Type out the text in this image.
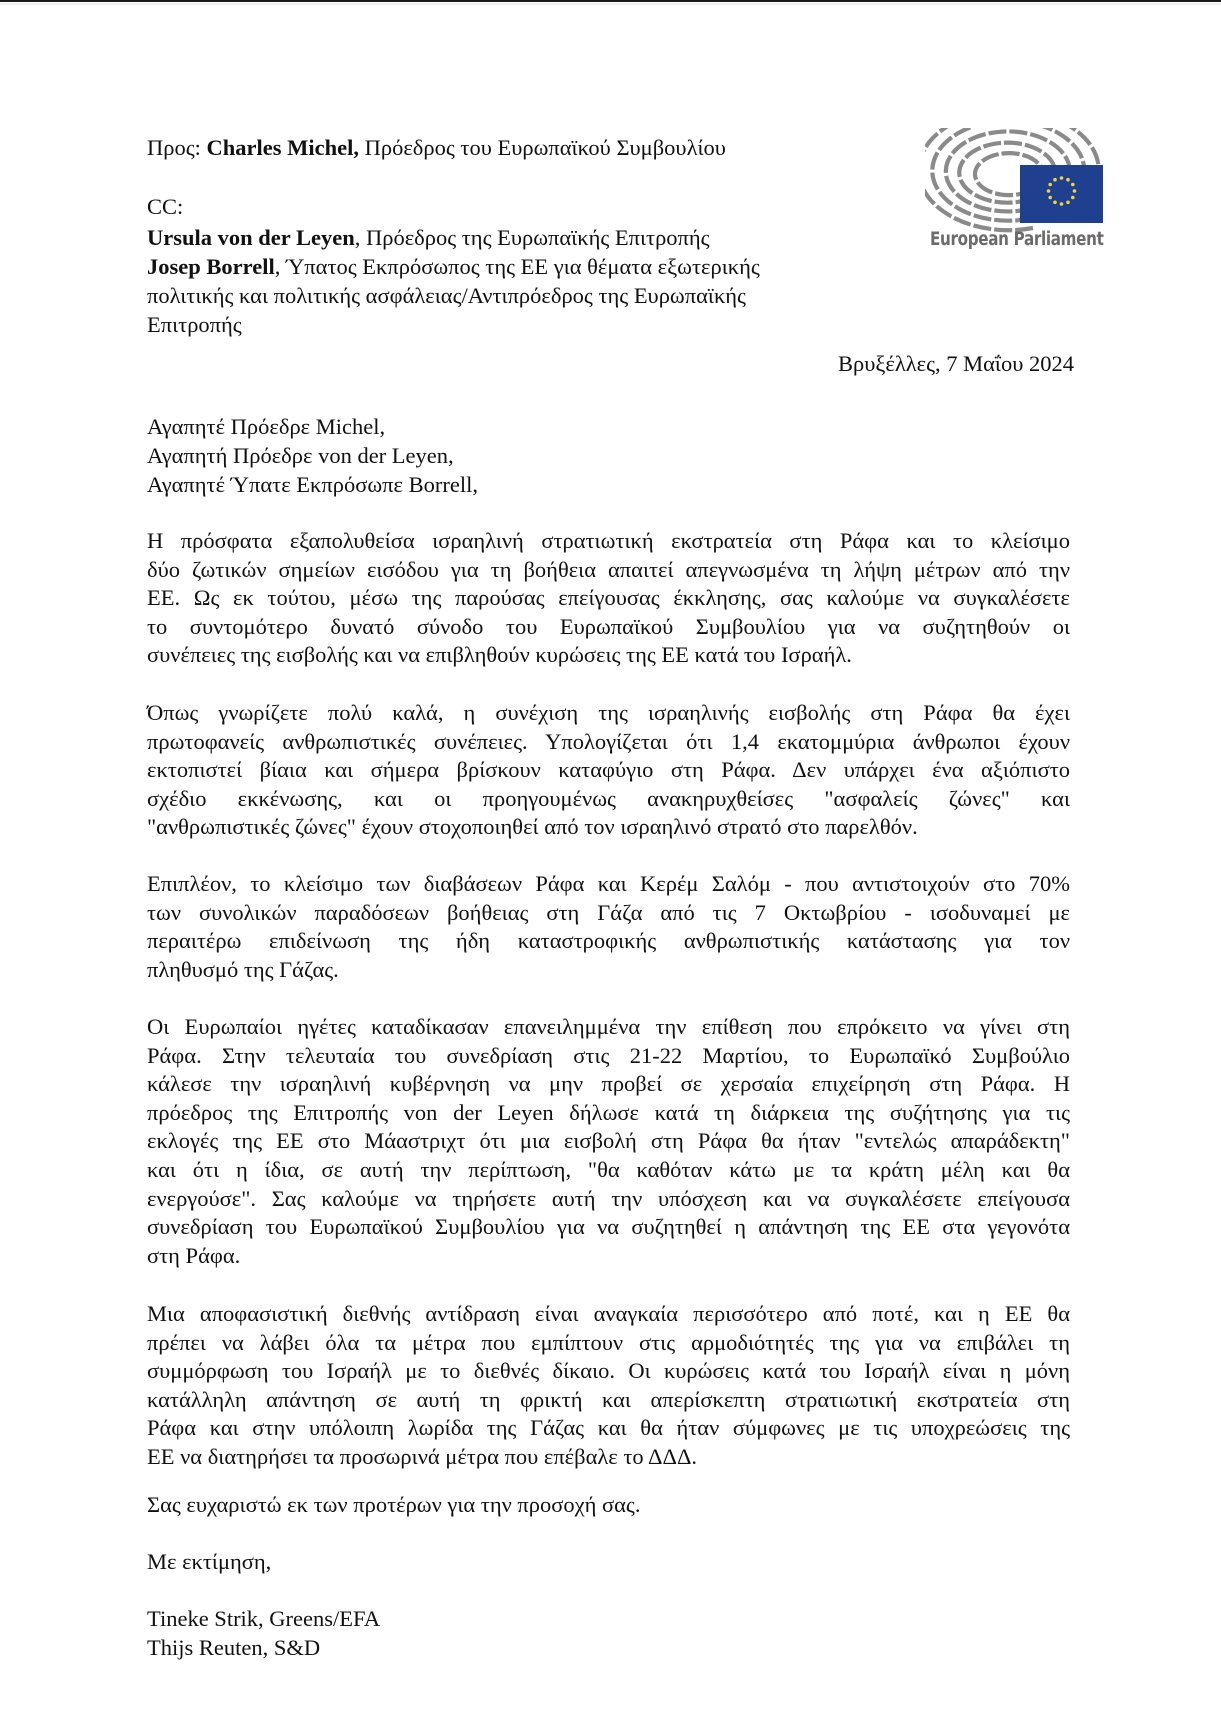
Προς: Charles Michel, Πρόεδρος του Ευρωπαϊκού Συμβουλίου
CC:
Ursula von der Leyen, Πρόεδρος της Ευρωπαϊκής Επιτροπής
Josep Borrell, Ύπατος Εκπρόσωπος της ΕΕ για θέματα εξωτερικής
πολιτικής και πολιτικής ασφάλειας/Αντιπρόεδρος της Ευρωπαϊκής
Επιτροπής
European Parliament
Βρυξέλλες, 7 Μαΐου 2024
Αγαπητέ Πρόεδρε Michel,
Αγαπητή Πρόεδρε von der Leyen,
Αγαπητέ Ύπατε Εκπρόσωπε Borrell,
Η πρόσφατα εξαπολυθείσα ισραηλινή στρατιωτική εκστρατεία στη Ράφα και το κλείσιμο
δύο ζωτικών σημείων εισόδου για τη βοήθεια απαιτεί απεγνωσμένα τη λήψη μέτρων από την
ΕΕ. Ως εκ τούτου, μέσω της παρούσας επείγουσας έκκλησης, σας καλούμε να συγκαλέσετε
το συντομότερο δυνατό σύνοδο του Ευρωπαϊκού Συμβουλίου για να συζητηθούν οι
συνέπειες της εισβολής και να επιβληθούν κυρώσεις της ΕΕ κατά του Ισραήλ.
Όπως γνωρίζετε πολύ καλά, η συνέχιση της ισραηλινής εισβολής στη Ράφα θα έχει
πρωτοφανείς ανθρωπιστικές συνέπειες. Υπολογίζεται ότι 1,4 εκατομμύρια άνθρωποι έχουν
εκτοπιστεί βίαια και σήμερα βρίσκουν καταφύγιο στη Ράφα. Δεν υπάρχει ένα αξιόπιστο
σχέδιο εκκένωσης, και οι προηγουμένως ανακηρυχθείσες "ασφαλείς ζώνες" και
"ανθρωπιστικές ζώνες" έχουν στοχοποιηθεί από τον ισραηλινό στρατό στο παρελθόν.
Επιπλέον, το κλείσιμο των διαβάσεων Ράφα και Κερέμ Σαλόμ - που αντιστοιχούν στο 70%
των συνολικών παραδόσεων βοήθειας στη Γάζα από τις 7 Οκτωβρίου - ισοδυναμεί με
περαιτέρω επιδείνωση της ήδη καταστροφικής ανθρωπιστικής κατάστασης για τον
πληθυσμό της Γάζας.
Οι Ευρωπαίοι ηγέτες καταδίκασαν επανειλημμένα την επίθεση που επρόκειτο να γίνει στη
Ράφα. Στην τελευταία του συνεδρίαση στις 21-22 Μαρτίου, το Ευρωπαϊκό Συμβούλιο
κάλεσε την ισραηλινή κυβέρνηση να μην προβεί σε χερσαία επιχείρηση στη Ράφα. Η
πρόεδρος της Επιτροπής von der Leyen δήλωσε κατά τη διάρκεια της συζήτησης για τις
εκλογές της ΕΕ στο Μάαστριχτ ότι μια εισβολή στη Ράφα θα ήταν "εντελώς απαράδεκτη"
και ότι η ίδια, σε αυτή την περίπτωση, "θα καθόταν κάτω με τα κράτη μέλη και θα
ενεργούσε". Σας καλούμε να τηρήσετε αυτή την υπόσχεση και να συγκαλέσετε επείγουσα
συνεδρίαση του Ευρωπαϊκού Συμβουλίου για να συζητηθεί η απάντηση της ΕΕ στα γεγονότα
στη Ράφα.
Μια αποφασιστική διεθνής αντίδραση είναι αναγκαία περισσότερο από ποτέ, και η ΕΕ θα
πρέπει να λάβει όλα τα μέτρα που εμπίπτουν στις αρμοδιότητές της για να επιβάλει τη
συμμόρφωση του Ισραήλ με το διεθνές δίκαιο. Οι κυρώσεις κατά του Ισραήλ είναι η μόνη
κατάλληλη απάντηση σε αυτή τη φρικτή και απερίσκεπτη στρατιωτική εκστρατεία στη
Ράφα και στην υπόλοιπη λωρίδα της Γάζας και θα ήταν σύμφωνες με τις υποχρεώσεις της
ΕΕ να διατηρήσει τα προσωρινά μέτρα που επέβαλε το ΔΔΔ.
Σας ευχαριστώ εκ των προτέρων για την προσοχή σας.
Με εκτίμηση,
Tineke Strik, Greens/EFA
Thijs Reuten, S&D
